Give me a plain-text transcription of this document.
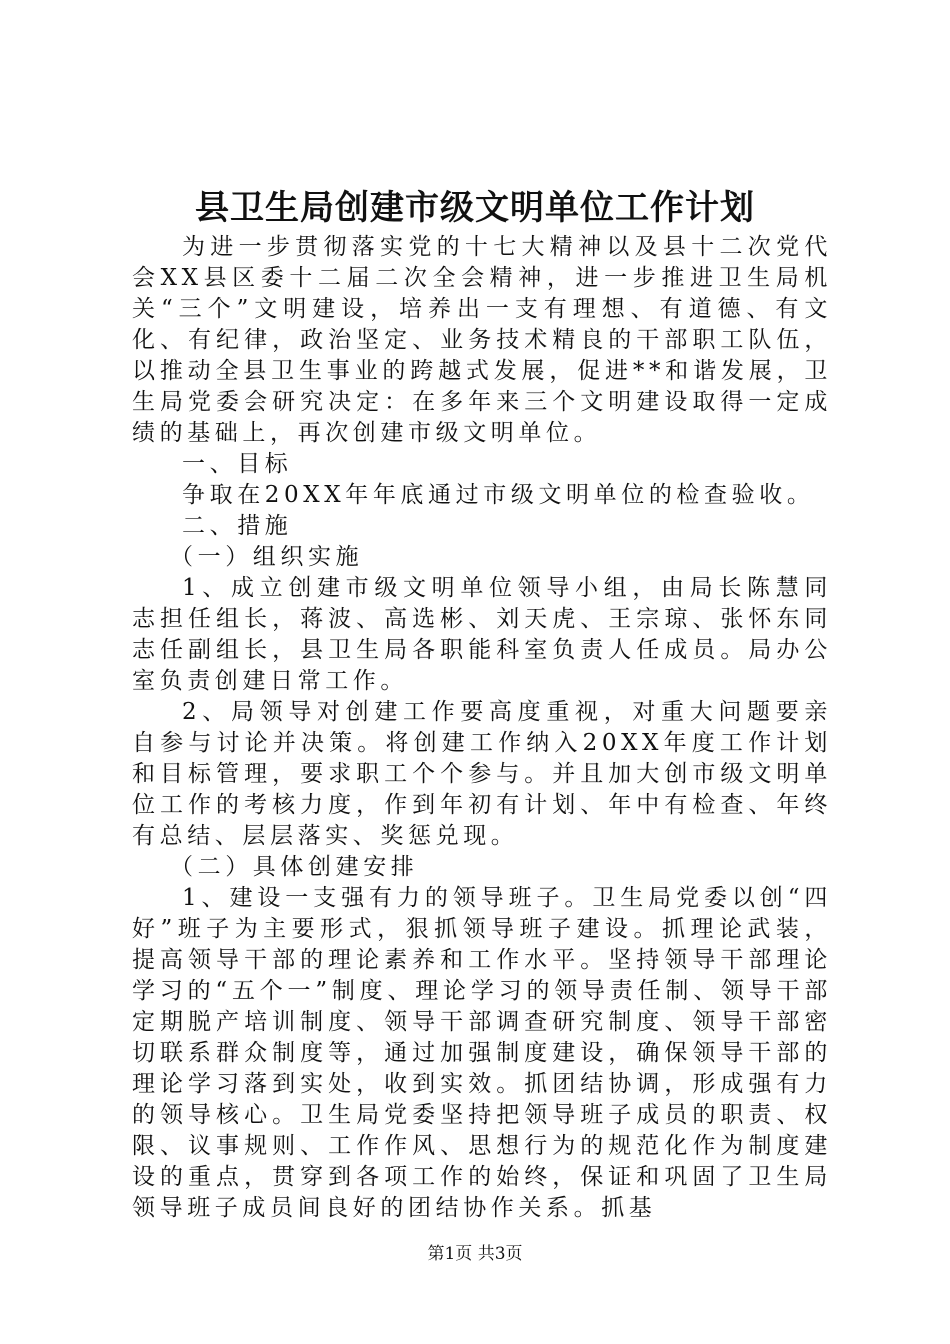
县卫生局创建市级文明单位工作计划

为进一步贯彻落实党的十七大精神以及县十二次党代会XX县区委十二届二次全会精神，进一步推进卫生局机关“三个”文明建设，培养出一支有理想、有道德、有文化、有纪律，政治坚定、业务技术精良的干部职工队伍，以推动全县卫生事业的跨越式发展，促进**和谐发展，卫生局党委会研究决定：在多年来三个文明建设取得一定成绩的基础上，再次创建市级文明单位。

一、目标

争取在20XX年年底通过市级文明单位的检查验收。

二、措施

（一）组织实施

1、成立创建市级文明单位领导小组，由局长陈慧同志担任组长，蒋波、高选彬、刘天虎、王宗琼、张怀东同志任副组长，县卫生局各职能科室负责人任成员。局办公室负责创建日常工作。

2、局领导对创建工作要高度重视，对重大问题要亲自参与讨论并决策。将创建工作纳入20XX年度工作计划和目标管理，要求职工个个参与。并且加大创市级文明单位工作的考核力度，作到年初有计划、年中有检查、年终有总结、层层落实、奖惩兑现。

（二）具体创建安排

1、建设一支强有力的领导班子。卫生局党委以创“四好”班子为主要形式，狠抓领导班子建设。抓理论武装，提高领导干部的理论素养和工作水平。坚持领导干部理论学习的“五个一”制度、理论学习的领导责任制、领导干部定期脱产培训制度、领导干部调查研究制度、领导干部密切联系群众制度等，通过加强制度建设，确保领导干部的理论学习落到实处，收到实效。抓团结协调，形成强有力的领导核心。卫生局党委坚持把领导班子成员的职责、权限、议事规则、工作作风、思想行为的规范化作为制度建设的重点，贯穿到各项工作的始终，保证和巩固了卫生局领导班子成员间良好的团结协作关系。抓基

第1页 共3页
